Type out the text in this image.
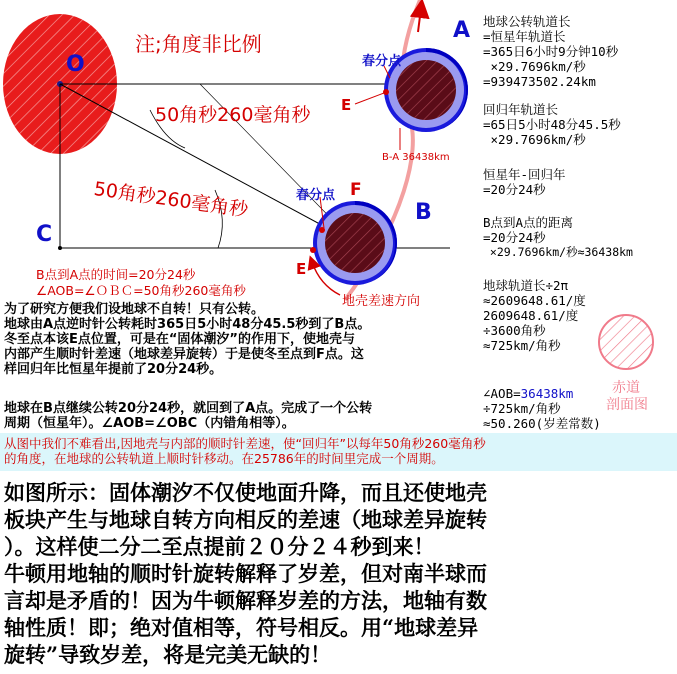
注;角度非比例
O
A
B
C
F
E
E
春分点
春分点
50角秒260毫角秒
50角秒260毫角秒
B-A 36438km
地壳差速方向
B点到A点的时间=20分24秒
∠AOB=∠ＯＢＣ=50角秒260毫角秒
地球公转轨道长
=恒星年轨道长
=365日6小时9分钟10秒
×29.7696km/秒
=939473502.24km
回归年轨道长
=65日5小时48分45.5秒
×29.7696km/秒
恒星年-回归年
=20分24秒
B点到A点的距离
=20分24秒
×29.7696km/秒≈36438km
地球轨道长÷2π
≈2609648.61/度
2609648.61/度
÷3600角秒
≈725km/角秒
∠AOB=36438km
÷725km/角秒
≈50.260(岁差常数)
赤道
剖面图
为了研究方便我们设地球不自转！只有公转。
地球由A点逆时针公转耗时365日5小时48分45.5秒到了B点。
冬至点本该E点位置，可是在“固体潮汐”的作用下，使地壳与
内部产生顺时针差速（地球差异旋转）于是使冬至点到F点。这
样回归年比恒星年提前了20分24秒。
地球在B点继续公转20分24秒，就回到了A点。完成了一个公转
周期（恒星年）。∠AOB=∠OBC（内错角相等）。
从图中我们不难看出,因地壳与内部的顺时针差速，使“回归年”以每年50角秒260毫角秒
的角度，在地球的公转轨道上顺时针移动。在25786年的时间里完成一个周期。
如图所示：固体潮汐不仅使地面升降，而且还使地壳
板块产生与地球自转方向相反的差速（地球差异旋转
）。这样使二分二至点提前２０分２４秒到来！
牛顿用地轴的顺时针旋转解释了岁差，但对南半球而
言却是矛盾的！因为牛顿解释岁差的方法，地轴有数
轴性质！即；绝对值相等，符号相反。用“地球差异
旋转”导致岁差，将是完美无缺的！
